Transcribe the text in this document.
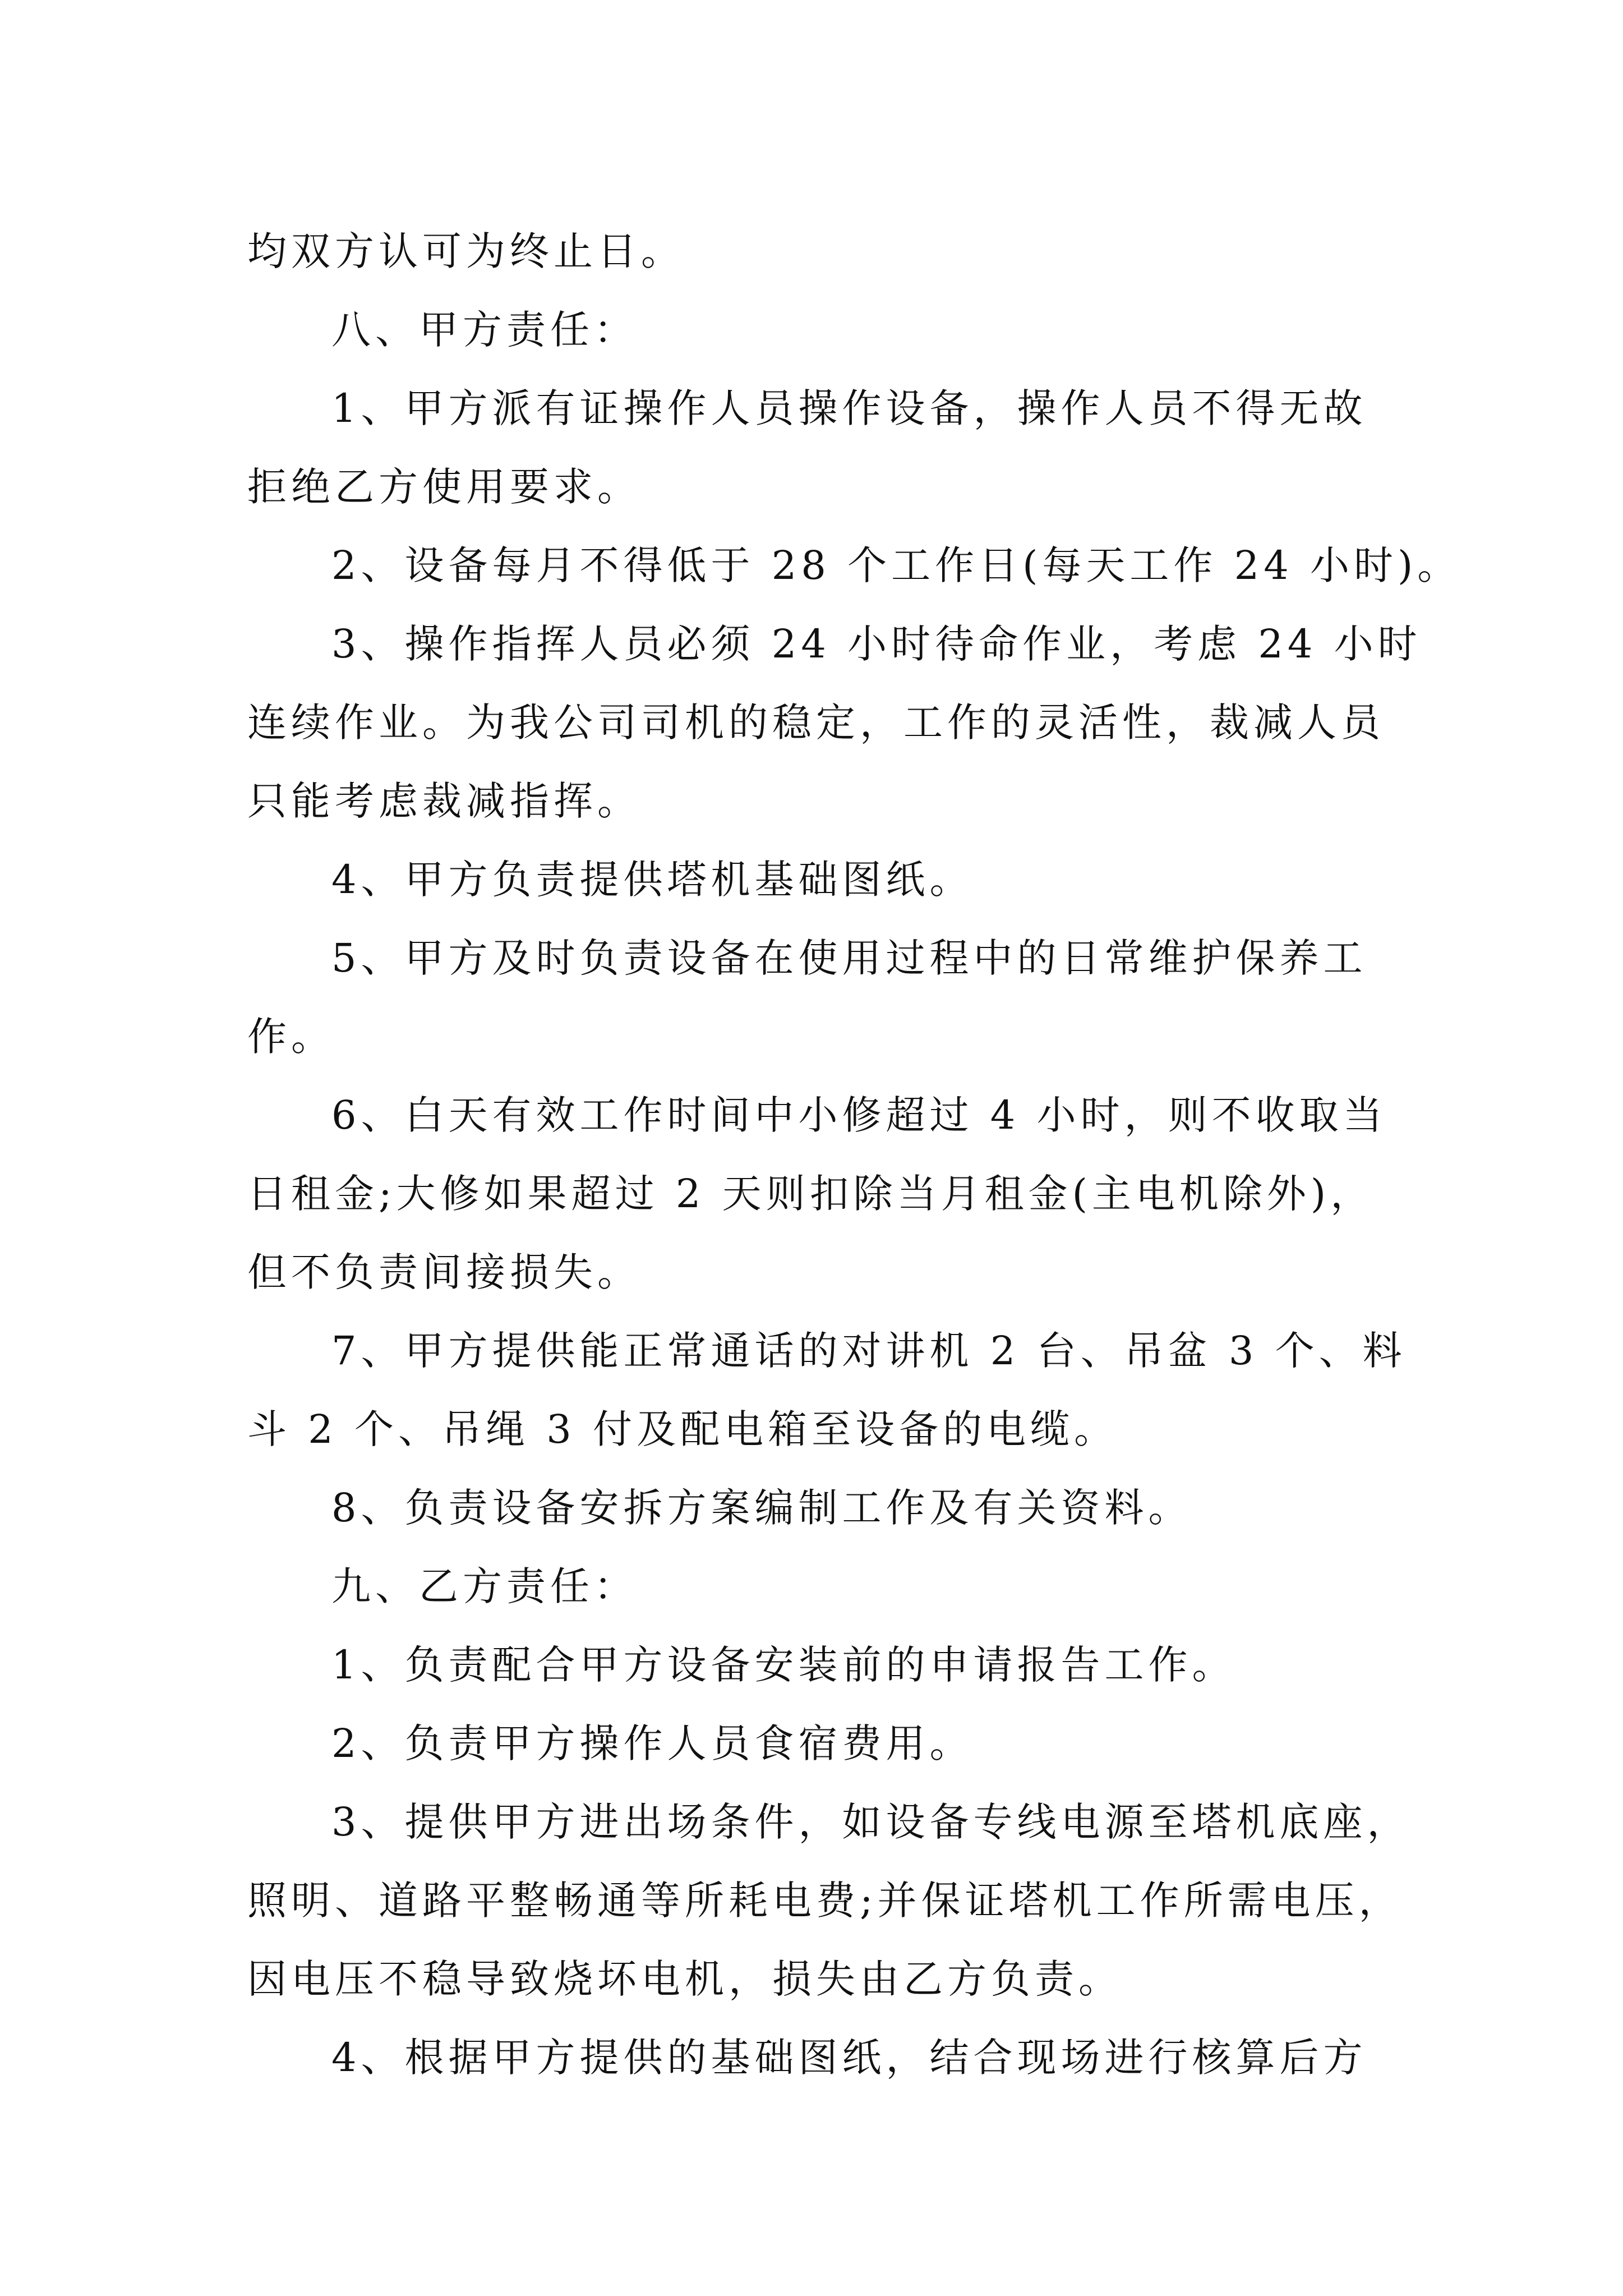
均双方认可为终止日。
八、甲方责任：
1、甲方派有证操作人员操作设备，操作人员不得无故
拒绝乙方使用要求。
2、设备每月不得低于 28 个工作日(每天工作 24 小时)。
3、操作指挥人员必须 24 小时待命作业，考虑 24 小时
连续作业。为我公司司机的稳定，工作的灵活性，裁减人员
只能考虑裁减指挥。
4、甲方负责提供塔机基础图纸。
5、甲方及时负责设备在使用过程中的日常维护保养工
作。
6、白天有效工作时间中小修超过 4 小时，则不收取当
日租金;大修如果超过 2 天则扣除当月租金(主电机除外)，
但不负责间接损失。
7、甲方提供能正常通话的对讲机 2 台、吊盆 3 个、料
斗 2 个、吊绳 3 付及配电箱至设备的电缆。
8、负责设备安拆方案编制工作及有关资料。
九、乙方责任：
1、负责配合甲方设备安装前的申请报告工作。
2、负责甲方操作人员食宿费用。
3、提供甲方进出场条件，如设备专线电源至塔机底座，
照明、道路平整畅通等所耗电费;并保证塔机工作所需电压，
因电压不稳导致烧坏电机，损失由乙方负责。
4、根据甲方提供的基础图纸，结合现场进行核算后方
